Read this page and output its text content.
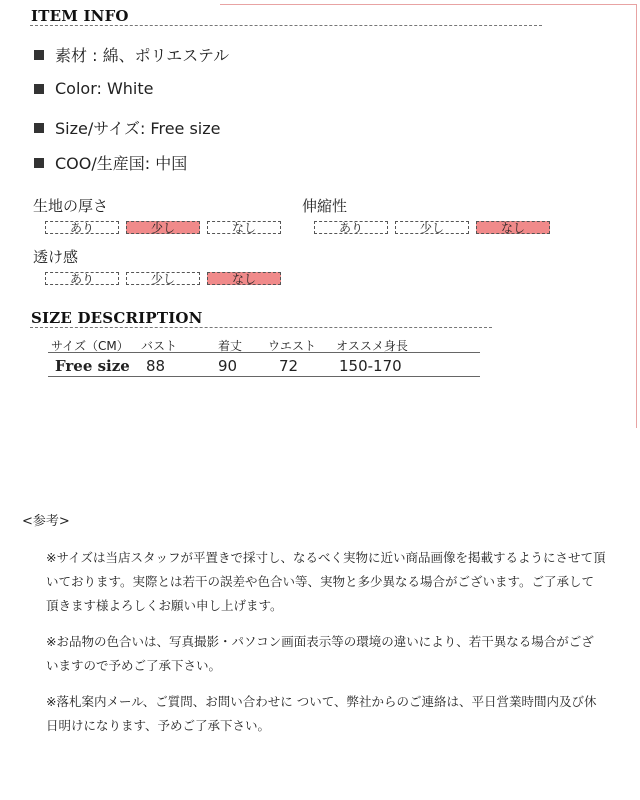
ITEM INFO
素材 : 綿、ポリエステル
Color: White
Size/サイズ: Free size
COO/生産国: 中国
生地の厚さ
あり	少し	なし
伸縮性
あり	少し	なし
透け感
あり	少し	なし
SIZE DESCRIPTION
サイズ（CM） バスト	着丈 ウエスト オススメ身長
Free size 88	90	72	150-170
<参考>
※サイズは当店スタッフが平置きで採寸し、なるべく実物に近い商品画像を掲載するようにさせて頂いております。実際とは若干の誤差や色合い等、実物と多少異なる場合がございます。ご了承して頂きます様よろしくお願い申し上げます。
※お品物の色合いは、写真撮影・パソコン画面表示等の環境の違いにより、若干異なる場合がございますので予めご了承下さい。
※落札案内メール、ご質問、お問い合わせに ついて、弊社からのご連絡は、平日営業時間内及び休日明けになります、予めご了承下さい。
